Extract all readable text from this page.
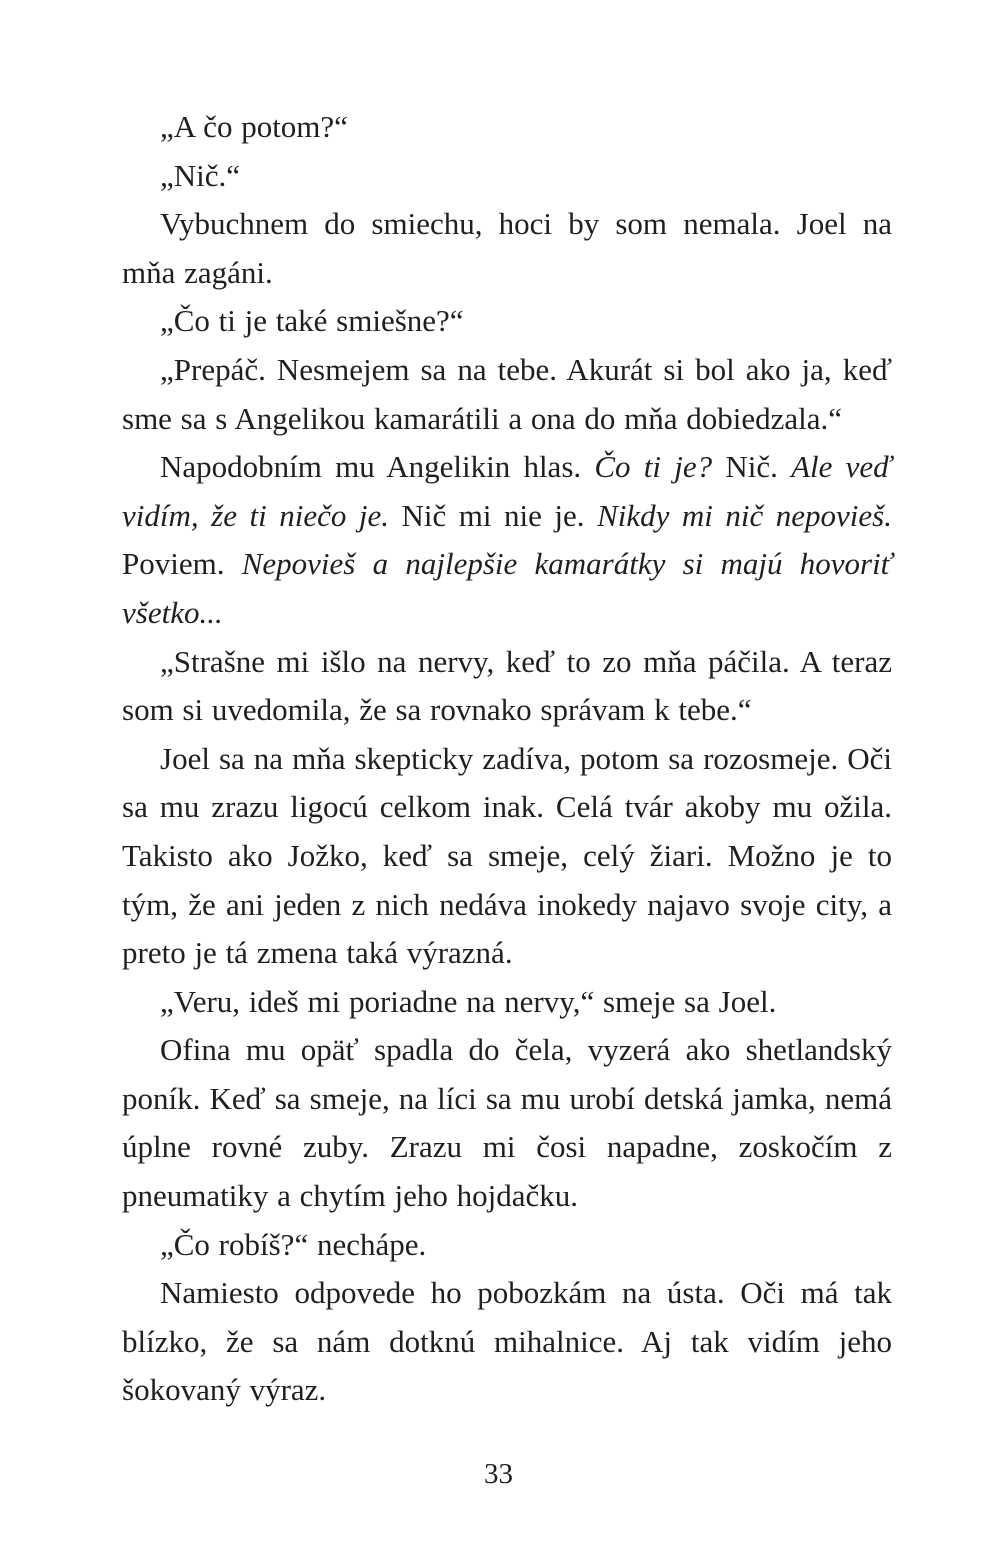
„A čo potom?“

„Nič.“

Vybuchnem do smiechu, hoci by som nemala. Joel na mňa zagáni.

„Čo ti je také smiešne?“

„Prepáč. Nesmejem sa na tebe. Akurát si bol ako ja, keď sme sa s Angelikou kamarátili a ona do mňa dobiedzala.“

Napodobním mu Angelikin hlas. Čo ti je? Nič. Ale veď vidím, že ti niečo je. Nič mi nie je. Nikdy mi nič nepovieš. Poviem. Nepovieš a najlepšie kamarátky si majú hovoriť všetko...

„Strašne mi išlo na nervy, keď to zo mňa páčila. A teraz som si uvedomila, že sa rovnako správam k tebe.“

Joel sa na mňa skepticky zadíva, potom sa rozosmeje. Oči sa mu zrazu ligocú celkom inak. Celá tvár akoby mu ožila. Takisto ako Jožko, keď sa smeje, celý žiari. Možno je to tým, že ani jeden z nich nedáva inokedy najavo svoje city, a preto je tá zmena taká výrazná.

„Veru, ideš mi poriadne na nervy,“ smeje sa Joel.

Ofina mu opäť spadla do čela, vyzerá ako shetlandský poník. Keď sa smeje, na líci sa mu urobí detská jamka, nemá úplne rovné zuby. Zrazu mi čosi napadne, zoskočím z pneumatiky a chytím jeho hojdačku.

„Čo robíš?“ nechápe.

Namiesto odpovede ho pobozkám na ústa. Oči má tak blízko, že sa nám dotknú mihalnice. Aj tak vidím jeho šokovaný výraz.

33
